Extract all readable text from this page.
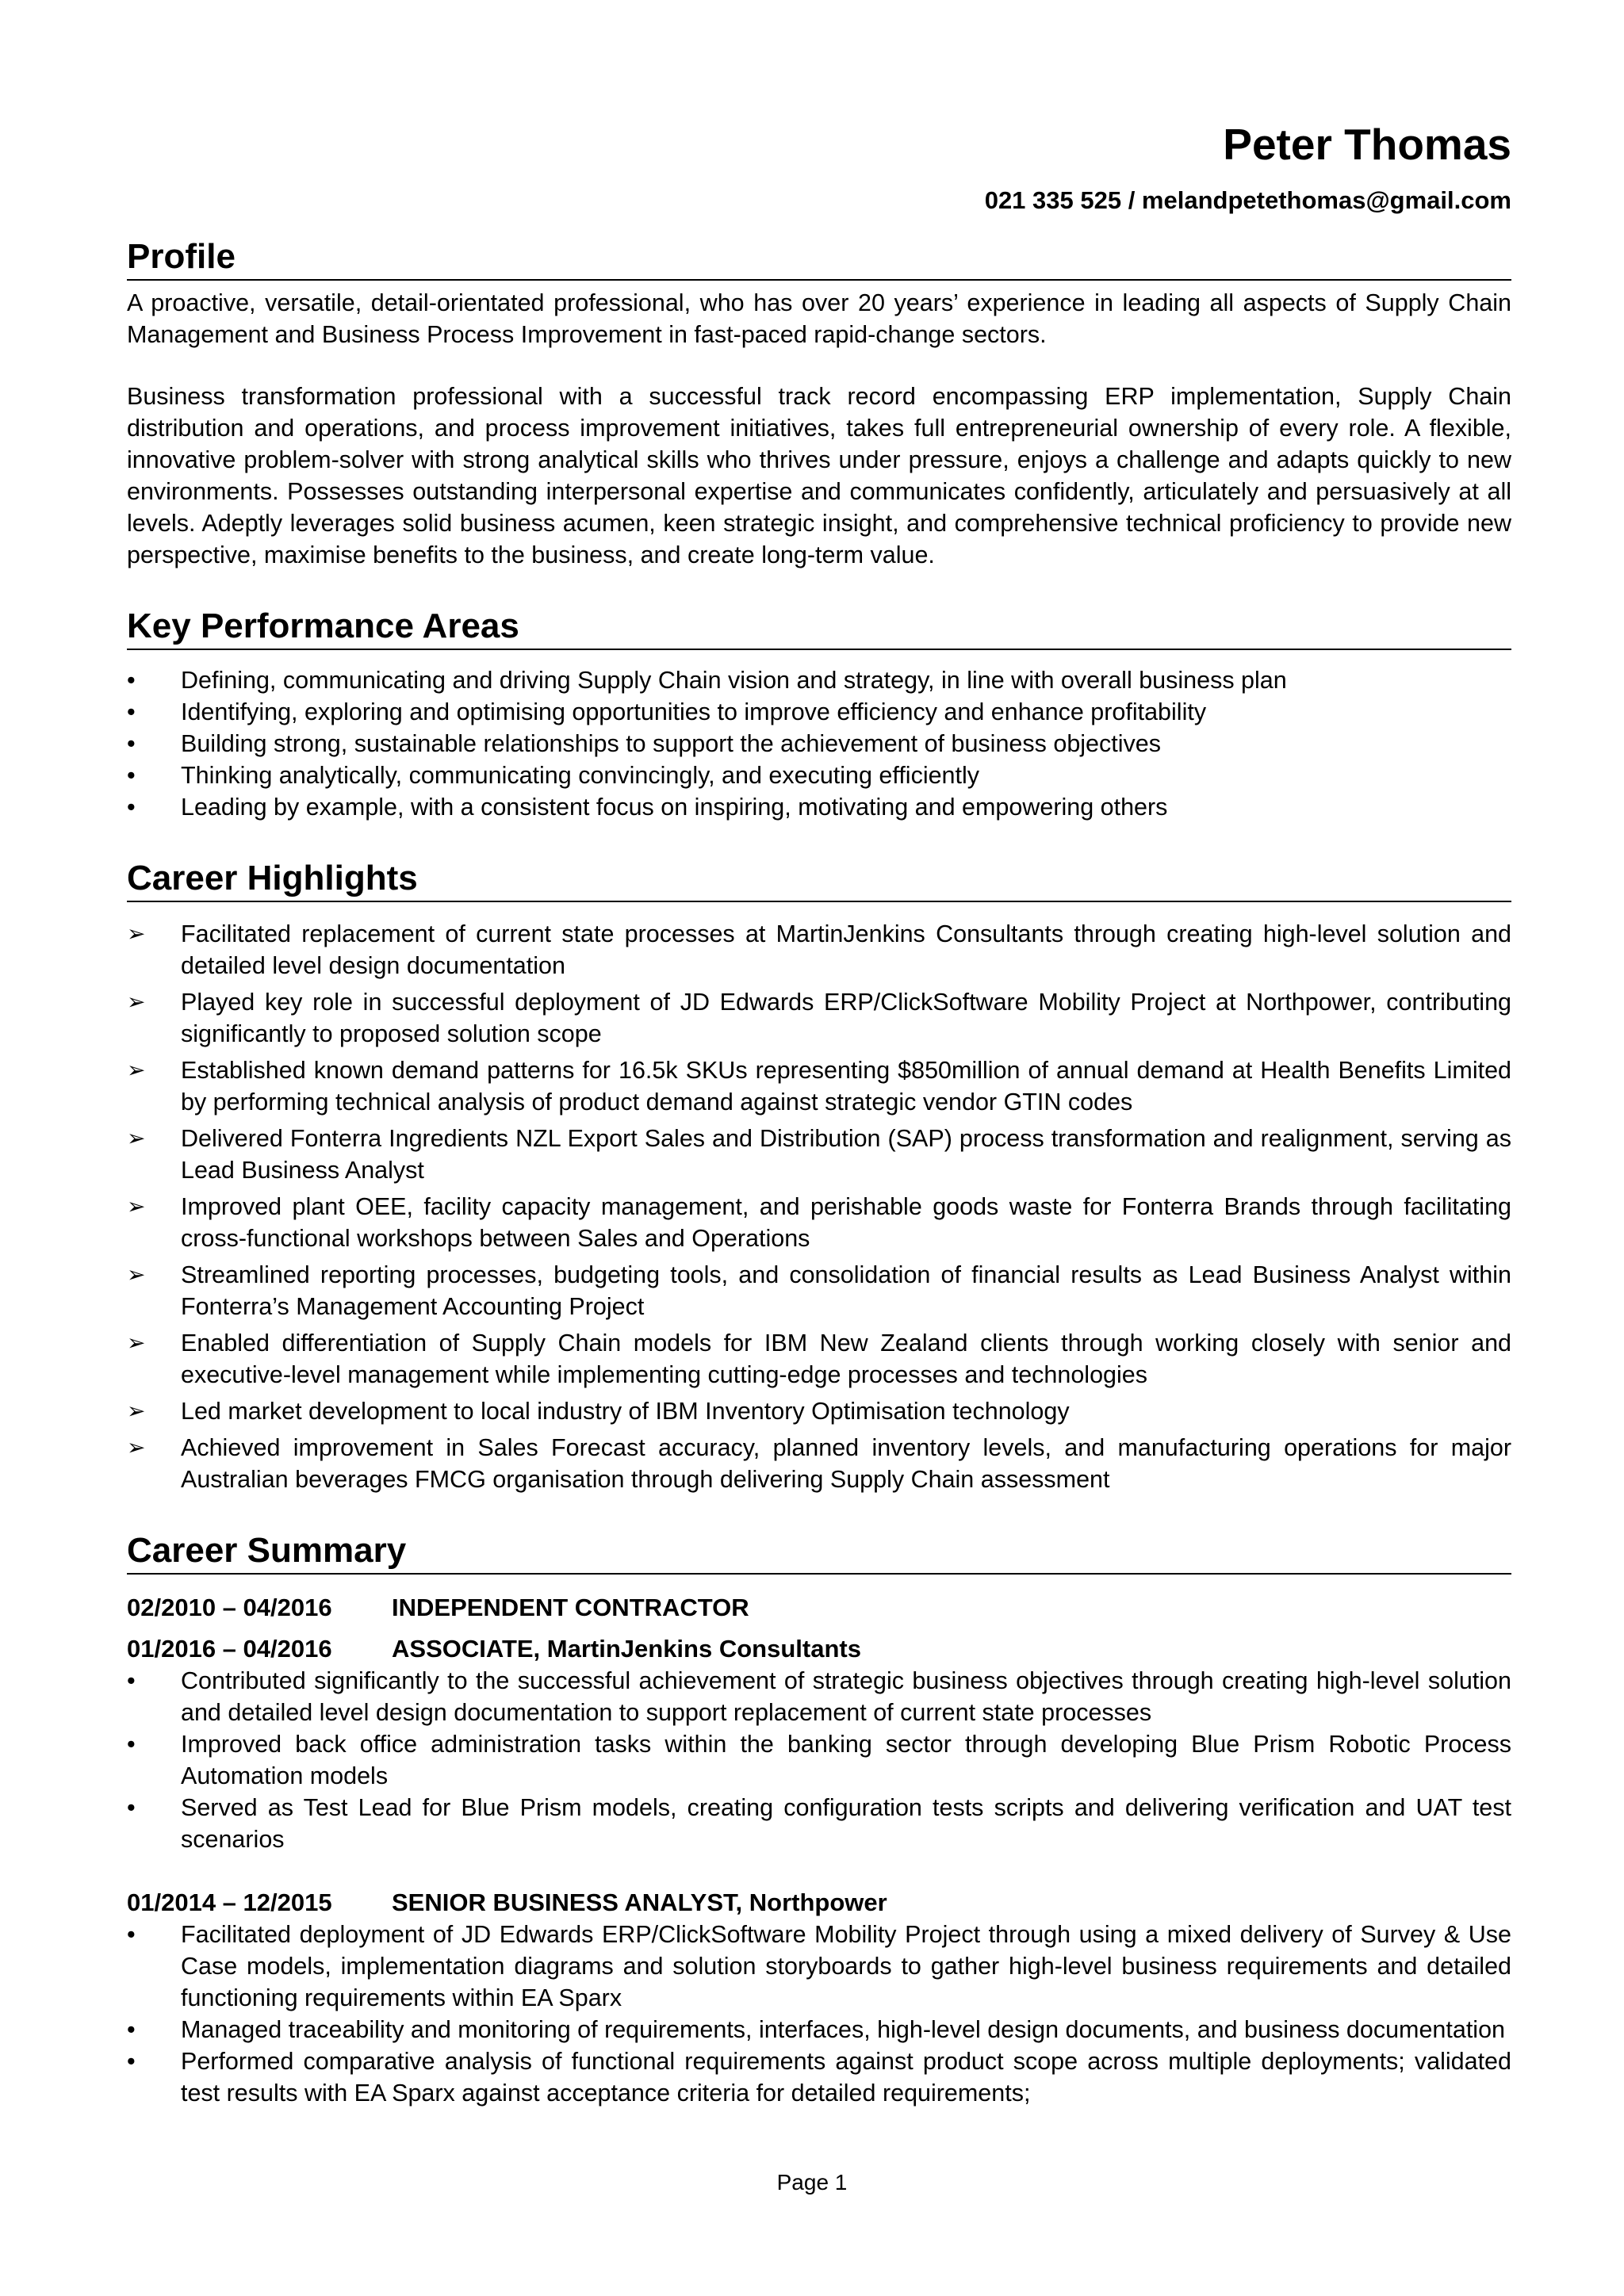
Peter Thomas
021 335 525 / melandpetethomas@gmail.com
Profile

A proactive, versatile, detail-orientated professional, who has over 20 years’ experience in leading all aspects of Supply Chain Management and Business Process Improvement in fast-paced rapid-change sectors.

Business transformation professional with a successful track record encompassing ERP implementation, Supply Chain distribution and operations, and process improvement initiatives, takes full entrepreneurial ownership of every role. A flexible, innovative problem-solver with strong analytical skills who thrives under pressure, enjoys a challenge and adapts quickly to new environments. Possesses outstanding interpersonal expertise and communicates confidently, articulately and persuasively at all levels. Adeptly leverages solid business acumen, keen strategic insight, and comprehensive technical proficiency to provide new perspective, maximise benefits to the business, and create long-term value.

Key Performance Areas
•	Defining, communicating and driving Supply Chain vision and strategy, in line with overall business plan
•	Identifying, exploring and optimising opportunities to improve efficiency and enhance profitability
•	Building strong, sustainable relationships to support the achievement of business objectives
•	Thinking analytically, communicating convincingly, and executing efficiently
•	Leading by example, with a consistent focus on inspiring, motivating and empowering others
Career Highlights
➢	Facilitated replacement of current state processes at MartinJenkins Consultants through creating high-level solution and detailed level design documentation
➢	Played key role in successful deployment of JD Edwards ERP/ClickSoftware Mobility Project at Northpower, contributing significantly to proposed solution scope
➢	Established known demand patterns for 16.5k SKUs representing $850million of annual demand at Health Benefits Limited by performing technical analysis of product demand against strategic vendor GTIN codes
➢	Delivered Fonterra Ingredients NZL Export Sales and Distribution (SAP) process transformation and realignment, serving as Lead Business Analyst
➢	Improved plant OEE, facility capacity management, and perishable goods waste for Fonterra Brands through facilitating cross-functional workshops between Sales and Operations
➢	Streamlined reporting processes, budgeting tools, and consolidation of financial results as Lead Business Analyst within Fonterra’s Management Accounting Project
➢	Enabled differentiation of Supply Chain models for IBM New Zealand clients through working closely with senior and executive-level management while implementing cutting-edge processes and technologies
➢	Led market development to local industry of IBM Inventory Optimisation technology
➢	Achieved improvement in Sales Forecast accuracy, planned inventory levels, and manufacturing operations for major Australian beverages FMCG organisation through delivering Supply Chain assessment
Career Summary
02/2010 – 04/2016 INDEPENDENT CONTRACTOR
01/2016 – 04/2016 ASSOCIATE, MartinJenkins Consultants
• Contributed significantly to the successful achievement of strategic business objectives through creating high-level solution and detailed level design documentation to support replacement of current state processes
• Improved back office administration tasks within the banking sector through developing Blue Prism Robotic Process Automation models
• Served as Test Lead for Blue Prism models, creating configuration tests scripts and delivering verification and UAT test scenarios
01/2014 – 12/2015 SENIOR BUSINESS ANALYST, Northpower
• Facilitated deployment of JD Edwards ERP/ClickSoftware Mobility Project through using a mixed delivery of Survey & Use Case models, implementation diagrams and solution storyboards to gather high-level business requirements and detailed functioning requirements within EA Sparx
• Managed traceability and monitoring of requirements, interfaces, high-level design documents, and business documentation
• Performed comparative analysis of functional requirements against product scope across multiple deployments; validated test results with EA Sparx against acceptance criteria for detailed requirements;
Page 1
